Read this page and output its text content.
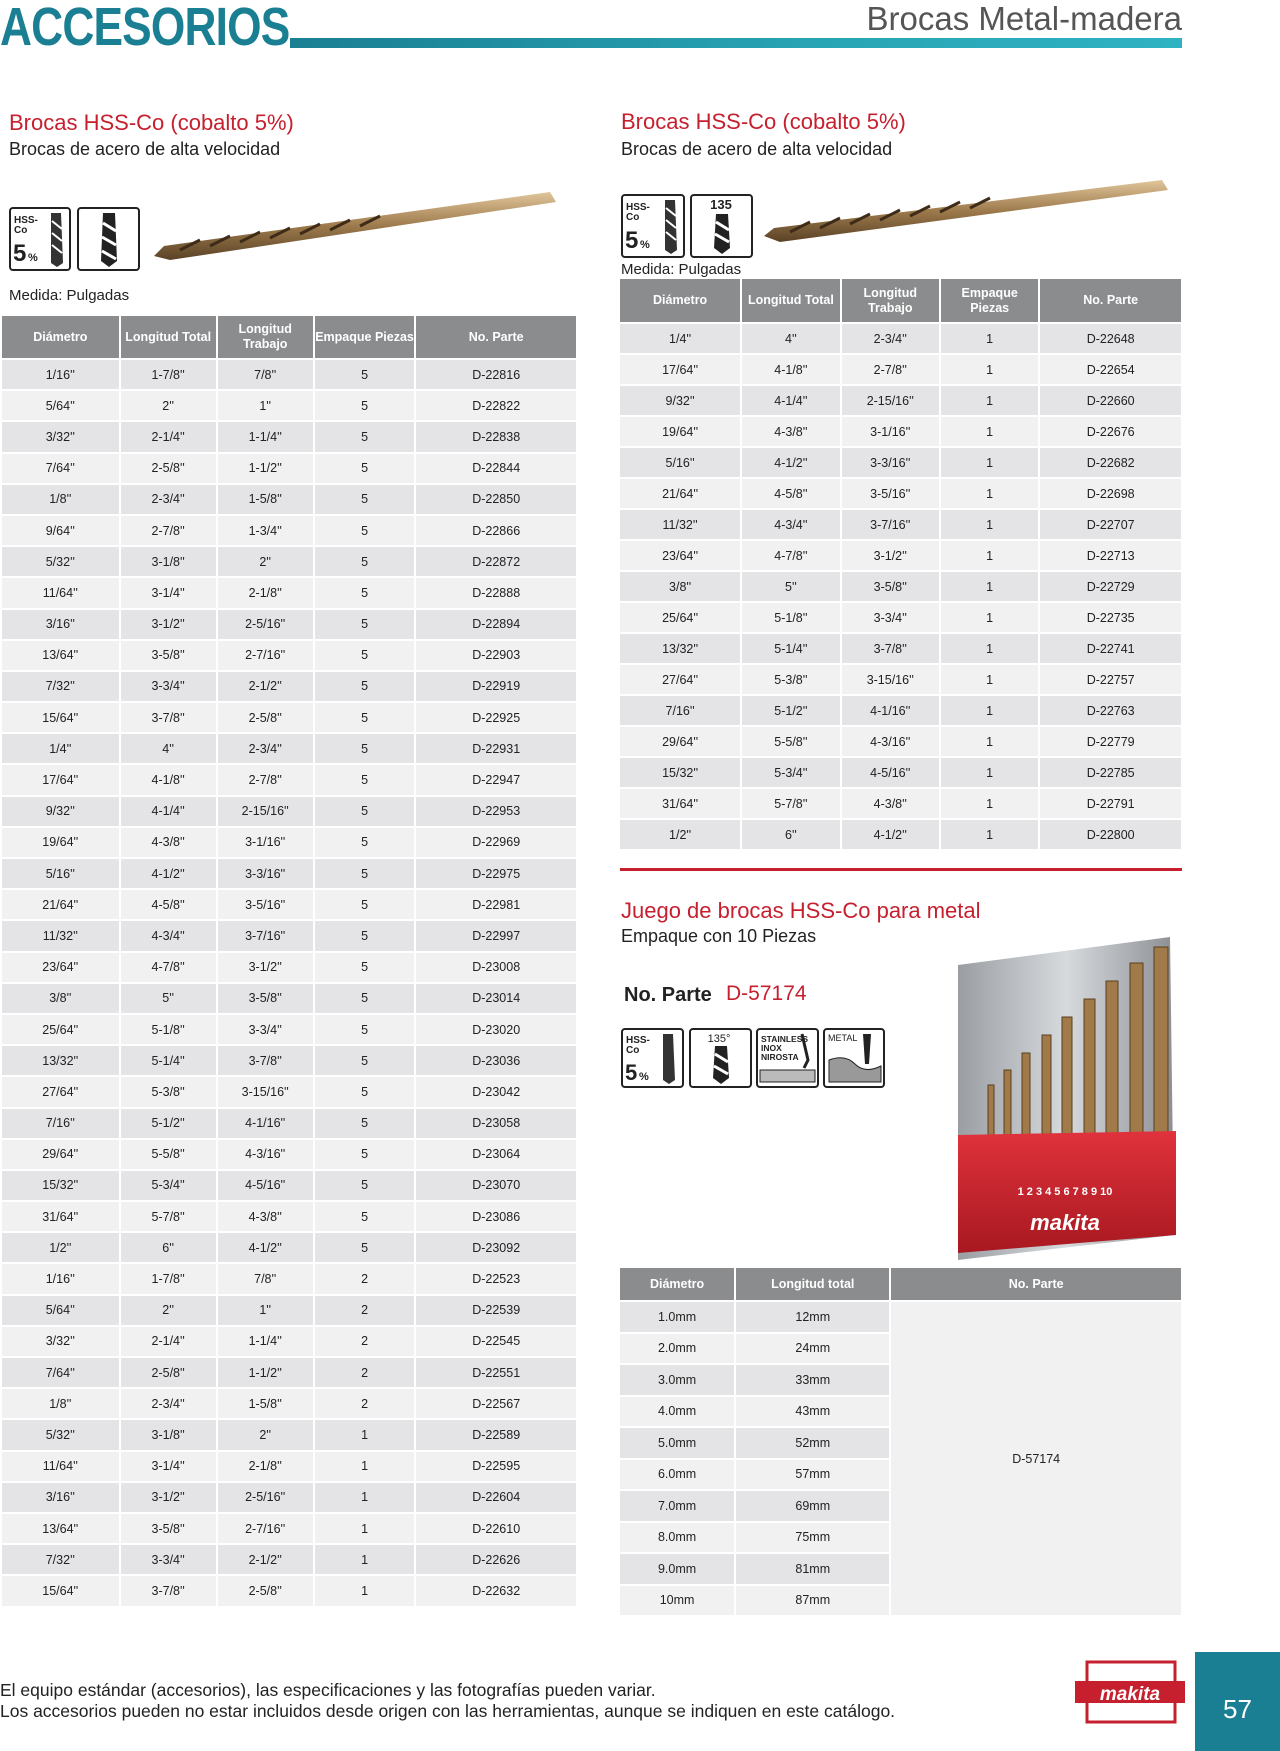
ACCESORIOS	Brocas Metal-madera
Brocas HSS-Co (cobalto 5%)
Brocas de acero de alta velocidad
HSS-
Co
5 %
Medida: Pulgadas
Diámetro	Longitud Total	Longitud Trabajo	Empaque Piezas	No. Parte
1/16''	1-7/8''	7/8''	5	D-22816
5/64''	2''	1''	5	D-22822
3/32''	2-1/4''	1-1/4''	5	D-22838
7/64''	2-5/8''	1-1/2''	5	D-22844
1/8''	2-3/4''	1-5/8''	5	D-22850
9/64''	2-7/8''	1-3/4''	5	D-22866
5/32''	3-1/8''	2''	5	D-22872
11/64''	3-1/4''	2-1/8''	5	D-22888
3/16''	3-1/2''	2-5/16''	5	D-22894
13/64''	3-5/8''	2-7/16''	5	D-22903
7/32''	3-3/4''	2-1/2''	5	D-22919
15/64''	3-7/8''	2-5/8''	5	D-22925
1/4''	4''	2-3/4''	5	D-22931
17/64''	4-1/8''	2-7/8''	5	D-22947
9/32''	4-1/4''	2-15/16''	5	D-22953
19/64''	4-3/8''	3-1/16''	5	D-22969
5/16''	4-1/2''	3-3/16''	5	D-22975
21/64''	4-5/8''	3-5/16''	5	D-22981
11/32''	4-3/4''	3-7/16''	5	D-22997
23/64''	4-7/8''	3-1/2''	5	D-23008
3/8''	5''	3-5/8''	5	D-23014
25/64''	5-1/8''	3-3/4''	5	D-23020
13/32''	5-1/4''	3-7/8''	5	D-23036
27/64''	5-3/8''	3-15/16''	5	D-23042
7/16''	5-1/2''	4-1/16''	5	D-23058
29/64''	5-5/8''	4-3/16''	5	D-23064
15/32''	5-3/4''	4-5/16''	5	D-23070
31/64''	5-7/8''	4-3/8''	5	D-23086
1/2''	6''	4-1/2''	5	D-23092
1/16''	1-7/8''	7/8''	2	D-22523
5/64''	2''	1''	2	D-22539
3/32''	2-1/4''	1-1/4''	2	D-22545
7/64''	2-5/8''	1-1/2''	2	D-22551
1/8''	2-3/4''	1-5/8''	2	D-22567
5/32''	3-1/8''	2''	1	D-22589
11/64''	3-1/4''	2-1/8''	1	D-22595
3/16''	3-1/2''	2-5/16''	1	D-22604
13/64''	3-5/8''	2-7/16''	1	D-22610
7/32''	3-3/4''	2-1/2''	1	D-22626
15/64''	3-7/8''	2-5/8''	1	D-22632
Brocas HSS-Co (cobalto 5%)
Brocas de acero de alta velocidad
HSS-
Co
5 %
135
Medida: Pulgadas
Diámetro	Longitud Total	Longitud Trabajo	Empaque Piezas	No. Parte
1/4''	4''	2-3/4''	1	D-22648
17/64''	4-1/8''	2-7/8''	1	D-22654
9/32''	4-1/4''	2-15/16''	1	D-22660
19/64''	4-3/8''	3-1/16''	1	D-22676
5/16''	4-1/2''	3-3/16''	1	D-22682
21/64''	4-5/8''	3-5/16''	1	D-22698
11/32''	4-3/4''	3-7/16''	1	D-22707
23/64''	4-7/8''	3-1/2''	1	D-22713
3/8''	5''	3-5/8''	1	D-22729
25/64''	5-1/8''	3-3/4''	1	D-22735
13/32''	5-1/4''	3-7/8''	1	D-22741
27/64''	5-3/8''	3-15/16''	1	D-22757
7/16''	5-1/2''	4-1/16''	1	D-22763
29/64''	5-5/8''	4-3/16''	1	D-22779
15/32''	5-3/4''	4-5/16''	1	D-22785
31/64''	5-7/8''	4-3/8''	1	D-22791
1/2''	6''	4-1/2''	1	D-22800
Juego de brocas HSS-Co para metal
Empaque con 10 Piezas
No. Parte D-57174
HSS-
Co
5 %
135°	STAINLESS
INOX
NIROSTA
METAL
1 2 3 4 5 6 7 8 9 10
makita
Diámetro	Longitud total	No. Parte
1.0mm	12mm	D-57174
2.0mm	24mm	
3.0mm	33mm	
4.0mm	43mm	
5.0mm	52mm	
6.0mm	57mm	
7.0mm	69mm	
8.0mm	75mm	
9.0mm	81mm	
10mm	87mm	
El equipo estándar (accesorios), las especificaciones y las fotografías pueden variar.
Los accesorios pueden no estar incluidos desde origen con las herramientas, aunque se indiquen en este catálogo.
makita	57
